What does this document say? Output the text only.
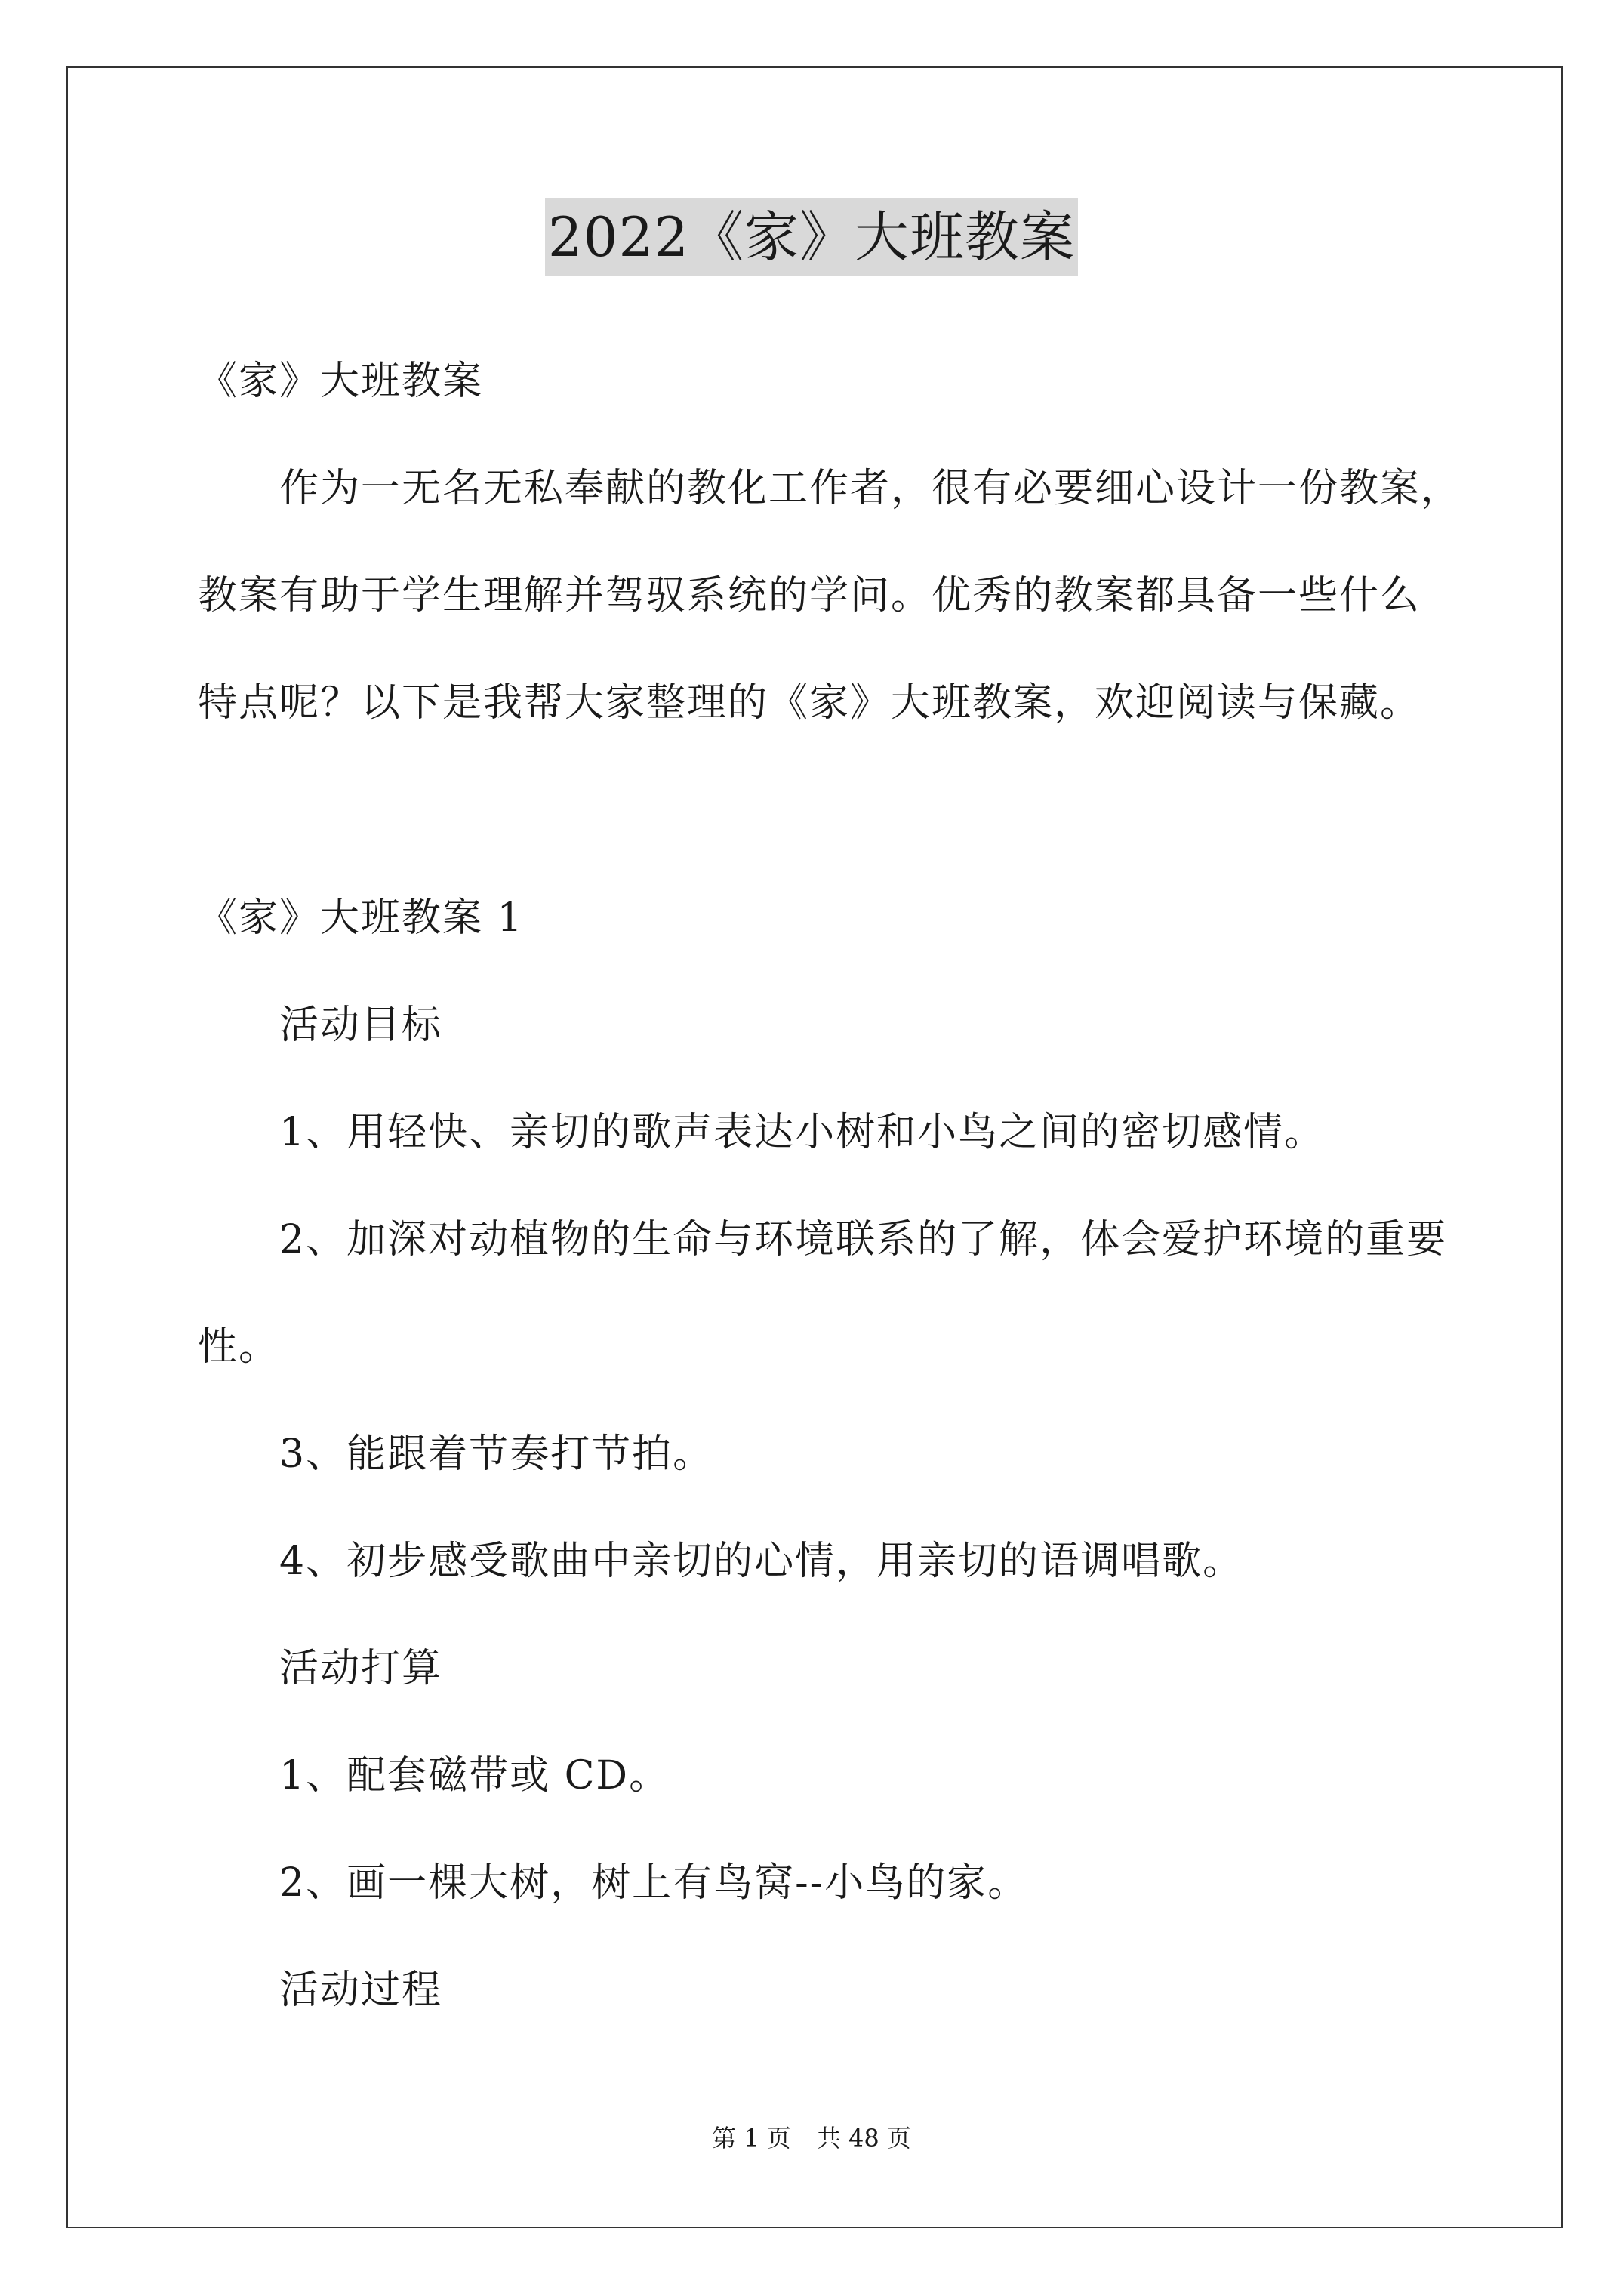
2022《家》大班教案
《家》大班教案
作为一无名无私奉献的教化工作者，很有必要细心设计一份教案，
教案有助于学生理解并驾驭系统的学问。优秀的教案都具备一些什么
特点呢？以下是我帮大家整理的《家》大班教案，欢迎阅读与保藏。
《家》大班教案 1
活动目标
1、用轻快、亲切的歌声表达小树和小鸟之间的密切感情。
2、加深对动植物的生命与环境联系的了解，体会爱护环境的重要
性。
3、能跟着节奏打节拍。
4、初步感受歌曲中亲切的心情，用亲切的语调唱歌。
活动打算
1、配套磁带或 CD。
2、画一棵大树，树上有鸟窝--小鸟的家。
活动过程
第 1 页 共 48 页
